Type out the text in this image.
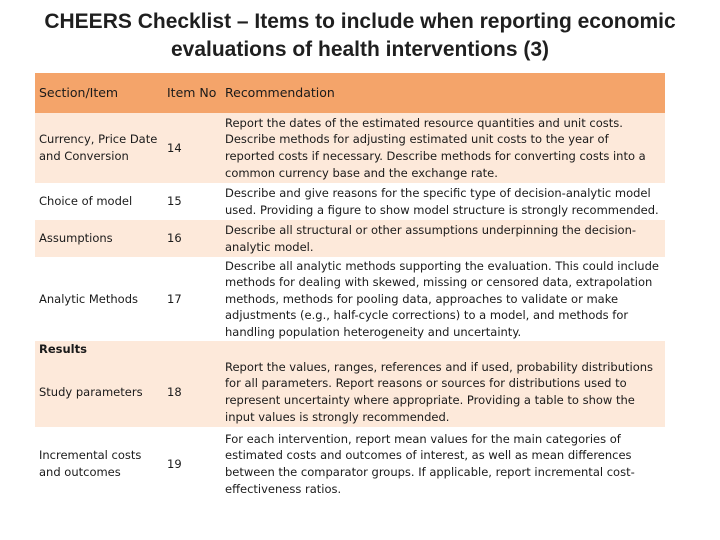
CHEERS Checklist – Items to include when reporting economic evaluations of health interventions (3)
Section/Item	Item No	Recommendation
Currency, Price Date and Conversion	14	Report the dates of the estimated resource quantities and unit costs. Describe methods for adjusting estimated unit costs to the year of reported costs if necessary. Describe methods for converting costs into a common currency base and the exchange rate.
Choice of model	15	Describe and give reasons for the specific type of decision-analytic model used. Providing a figure to show model structure is strongly recommended.
Assumptions	16	Describe all structural or other assumptions underpinning the decision-analytic model.
Analytic Methods	17	Describe all analytic methods supporting the evaluation. This could include methods for dealing with skewed, missing or censored data, extrapolation methods, methods for pooling data, approaches to validate or make adjustments (e.g., half-cycle corrections) to a model, and methods for handling population heterogeneity and uncertainty.
Results		
Study parameters	18	Report the values, ranges, references and if used, probability distributions for all parameters. Report reasons or sources for distributions used to represent uncertainty where appropriate. Providing a table to show the input values is strongly recommended.
Incremental costs and outcomes	19	For each intervention, report mean values for the main categories of estimated costs and outcomes of interest, as well as mean differences between the comparator groups. If applicable, report incremental cost-effectiveness ratios.
